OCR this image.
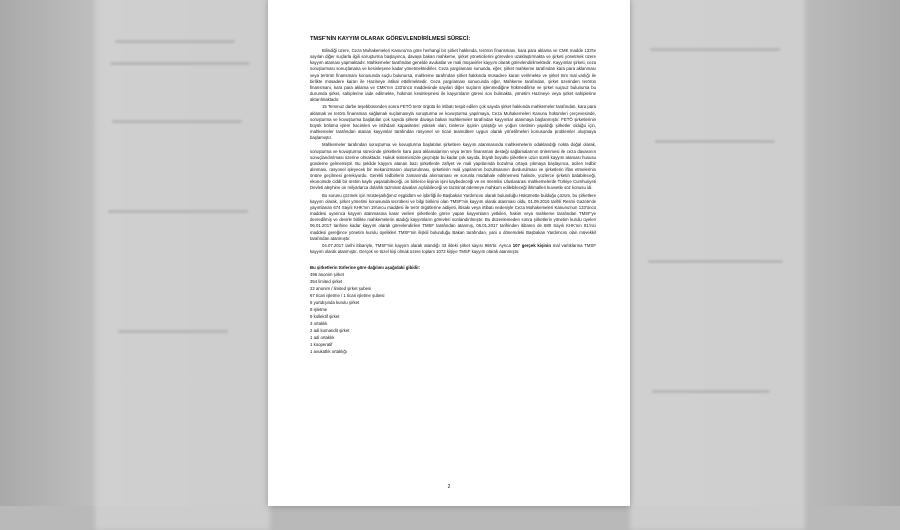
TMSF'NİN KAYYIM OLARAK GÖREVLENDİRİLMESİ SÜRECİ:

Bilindiği üzere, Ceza Muhakemeleri Kanunu'na göre herhangi bir şirket hakkında, terörün finansmanı, kara para aklama ve CMK madde 133'te sayılan diğer suçlarla ilgili soruşturma başlayınca, davaya bakan mahkeme, şirket yöneticilerini görevden uzaklaştırmakta ve şirketi yönetmek üzere kayyım ataması yapmaktadır. Mahkemeler tarafından genelde avukatlar ve mali müşavirler kayyım olarak görevlendirilmektedir. Kayyımlar şirketi, ceza soruşturması sonuçlanana ve kesinleşene kadar yönetmektedirler. Ceza yargılaması sonunda, eğer, şirket mahkeme tarafından kara para aklanması veya terörün finansmanı konusunda suçlu bulunursa, mahkeme tarafından şirket hakkında müsadere kararı verilmekte ve şirket tüm mal varlığı ile birlikte müsadere kararı ile Hazineye intikal ettirilmektedir. Ceza yargılaması sonucunda eğer, Mahkeme tarafından, şirket üzerinden terörün finansmanı, kara para aklama ve CMK'nın 133'üncü maddesinde sayılan diğer suçların işlenmediğine hükmedilirse ve şirket suçsuz bulunursa bu durumda şirket, sahiplerine iade edilmekte, hükmün kesinleşmesi ile kayyımların görevi son bulmakta, yönetim Hazineye veya şirket sahiplerine aktarılmaktadır.

15 Temmuz darbe teşebbüsünden sonra FETÖ terör örgütü ile irtibatı tespit edilen çok sayıda şirket hakkında mahkemeler tarafından, kara para aklamak ve terörü finansman sağlamak suçlamasıyla soruşturma ve kovuşturma yapılmaya, Ceza Muhakemeleri Kanunu hükümleri çerçevesinde, soruşturma ve kovuşturma başlatılan çok sayıda şirkete davaya bakan mahkemeler tarafından kayyımlar atanmaya başlanmıştır. FETÖ şirketlerinin büyük bölümü işlem hacimleri ve istihdam kapasiteleri yüksek olan, binlerce işçinin çalıştığı ve yoğun üretimin yapıldığı şirketler olduğu için, mahkemeler tarafından atanan kayyımlar tarafından rasyonel ve ticari teamüllere uygun olarak yönetilmeleri konusunda problemler oluşmaya başlamıştır.

Mahkemeler tarafından soruşturma ve kovuşturma başlatılan şirketlere kayyım atanmasında mahkemelerin odaklandığı nokta doğal olarak, soruşturma ve kovuşturma sürecinde şirketlerin kara para aklamalarının veya teröre finansman desteği sağlamalarının önlenmesi ile ceza davasının sonuçlandırılması üzerine olmaktadır. Hukuk sistemimizde geçmişte bu kadar çok sayıda, büyük boyutlu şirketlere uzun süreli kayyım ataması hususu gündeme gelmemiştir. Bu şekilde kayyım atanan bazı şirketlerde zafiyet ve mali yapılarında bozulma ortaya çıkmaya başlayınca, acilen tedbir alınması, rasyonel işleyecek bir mekanizmanın oluşturulması, şirketlerin mali yapılarının bozulmasının durdurulması ve şirketlerin iflas etmelerinin önüne geçilmesi gerekiyordu. Gerekli tedbirlerin zamanında alınmaması ve sorunla müdahale edilmemesi halinde, yüzlerce şirketin batabileceği, ekonomide ciddi bir üretim kaybı yaşanabileceği, on binlerce kişinin işini kaybedeceği ve en önemlisi Uluslararası mahkemelerde Türkiye Cumhuriyeti Devleti aleyhine on milyarlarca dolarlık tazminat davaları açılabileceği ve tazminat ödemeye mahkum edilebileceği ihtimalleri kuvvetle söz konusu idi.

Bu sorunu çözmek için müsteşarlığımız eşgüdüm ve işbirliği ile Başbakan Yardımcısı olarak bulunduğu Hükümette bulduğu çözüm, bu şirketlere kayyım olarak, şirket yönetimi konusunda tecrübesi ve bilgi birikimi olan TMSF'nin kayyım olarak atanması oldu. 01.09.2016 tarihli Resmi Gazete'de yayımlanan 674 Sayılı KHK'nın 19'uncu maddesi ile terör örgütlerine aidiyeti, iltisakı veya irtibatı nedeniyle Ceza Muhakemeleri Kanunu'nun 133'üncü maddesi uyarınca kayyım atanmasına karar verilen şirketlerde görev yapan kayyımların yetkileri, hakim veya mahkeme tarafından TMSF'ye devredilmiş ve devirle birlikte mahkemelerin atadığı kayyımların görevleri sonlandırılmıştır. Bu düzenlemeden sonra şirketlerin yönetim kurulu üyeleri 06.01.2017 tarihine kadar kayyım olarak görevlendirilen TMSF tarafından atanmış, 06.01.2017 tarihinden itibaren de 680 Sayılı KHK'nın 81'inci maddesi gereğince yönetim kurulu üyelikleri TMSF'nin ilişkili bulunduğu Bakan tarafından, yani o dönemdeki Başbakan Yardımcısı olan müvekkil tarafından atanmıştır.

04.07.2017 tarihi itibariyle, TMSF'nin kayyım olarak atandığı 43 ildeki şirket sayısı 965'tir. Ayrıca 107 gerçek kişinin mal varlıklarına TMSF kayyım olarak atanmıştır. Gerçek ve tüzel kişi olmak üzere toplam 1072 kişiye TMSF kayyım olarak atanmıştır.

Bu şirketlerin türlerine göre dağılımı aşağıdaki gibidir:
496 anonim şirket
354 limited şirket
22 anonim / limited şirket şubesi
67 ticari işletme / 1 ticari işletme şubesi
5 yurtdışında kurulu şirket
9 işletme
9 kollektif şirket
3 ortaklık
2 adi komandit şirket
1 adi ortaklık
1 kooperatif
1 avukatlık ortaklığı
2
